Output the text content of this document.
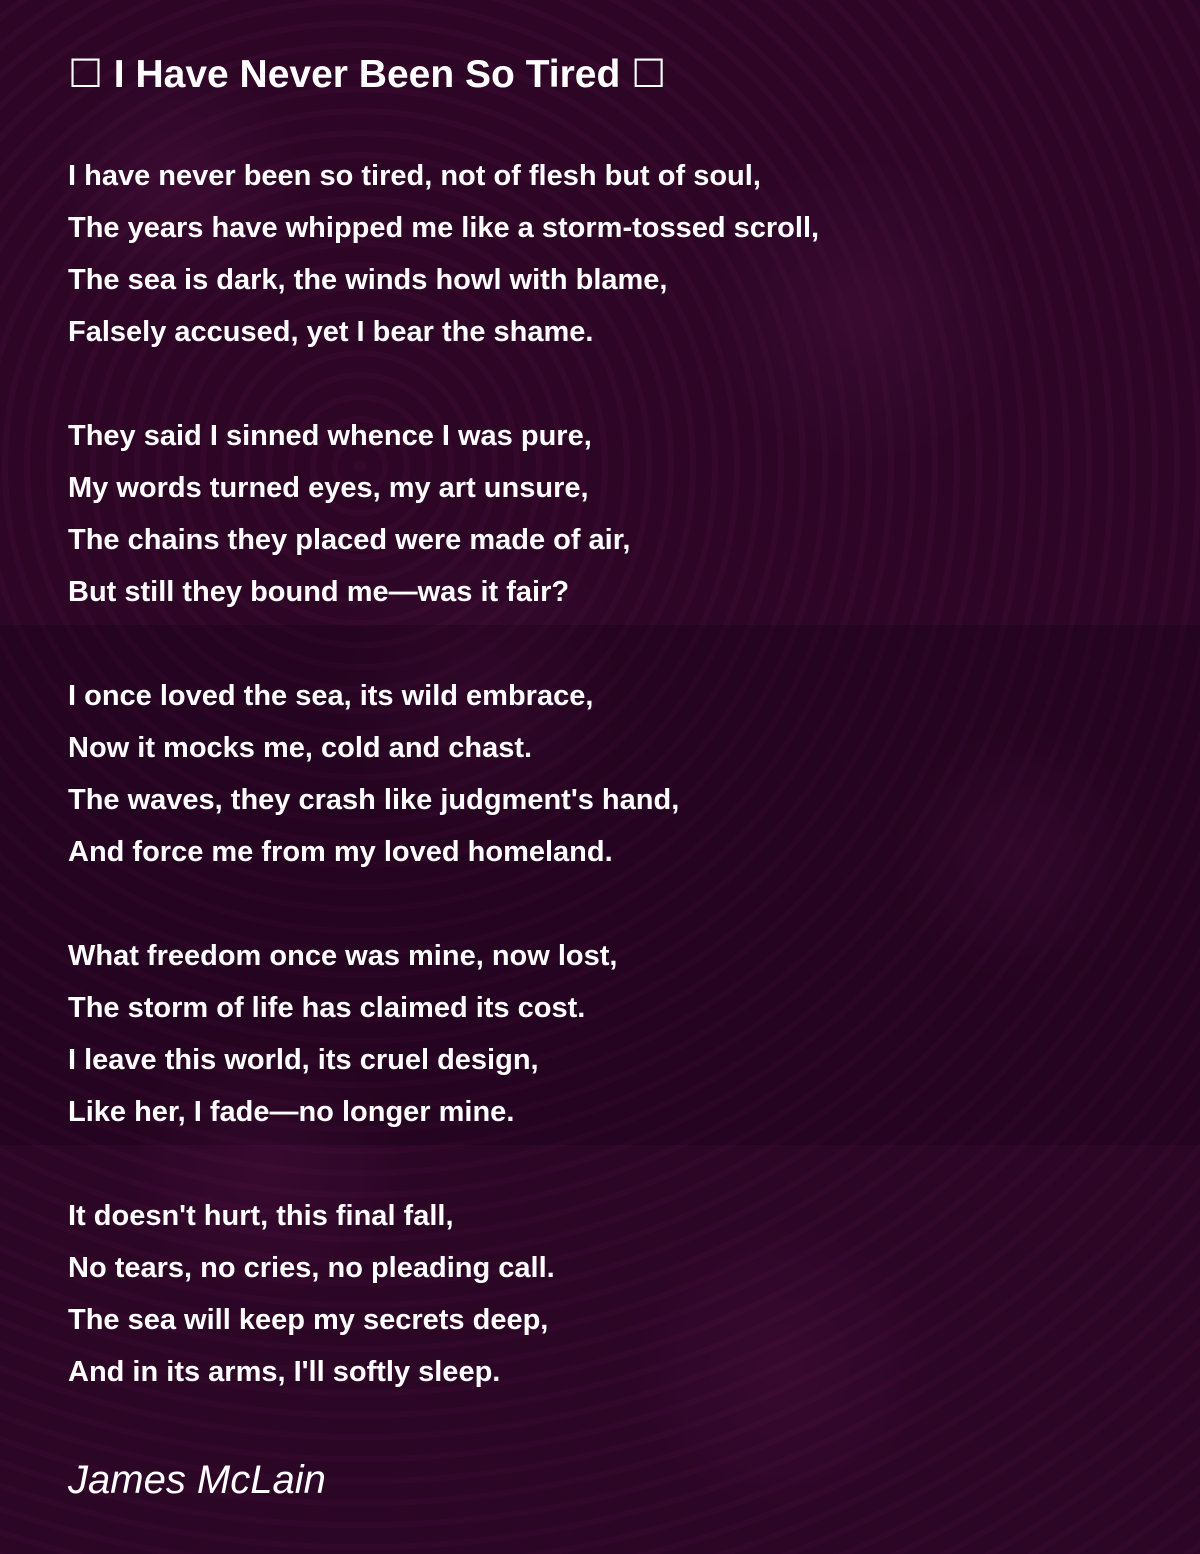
☐ I Have Never Been So Tired ☐
I have never been so tired, not of flesh but of soul,
The years have whipped me like a storm-tossed scroll,
The sea is dark, the winds howl with blame,
Falsely accused, yet I bear the shame.
They said I sinned whence I was pure,
My words turned eyes, my art unsure,
The chains they placed were made of air,
But still they bound me—was it fair?
I once loved the sea, its wild embrace,
Now it mocks me, cold and chast.
The waves, they crash like judgment's hand,
And force me from my loved homeland.
What freedom once was mine, now lost,
The storm of life has claimed its cost.
I leave this world, its cruel design,
Like her, I fade—no longer mine.
It doesn't hurt, this final fall,
No tears, no cries, no pleading call.
The sea will keep my secrets deep,
And in its arms, I'll softly sleep.
James McLain
